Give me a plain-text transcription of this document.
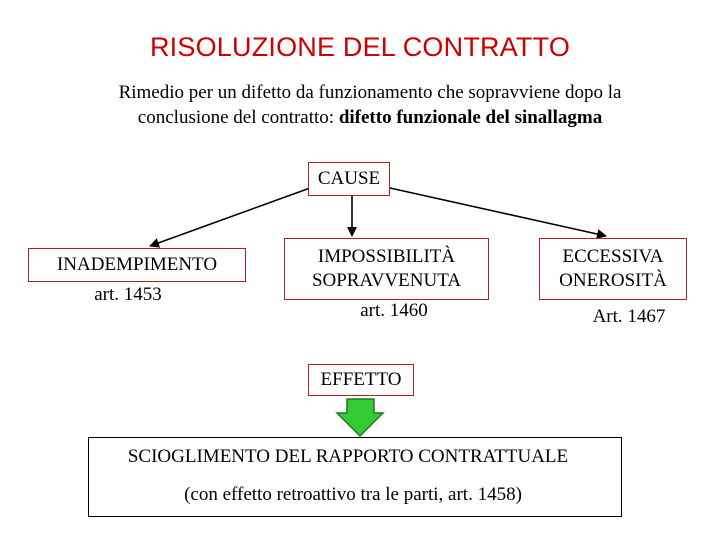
RISOLUZIONE DEL CONTRATTO
Rimedio per un difetto da funzionamento che sopravviene dopo la
conclusione del contratto: difetto funzionale del sinallagma
CAUSE
INADEMPIMENTO
art. 1453
IMPOSSIBILITÀ
SOPRAVVENUTA
art. 1460
ECCESSIVA
ONEROSITÀ
Art. 1467
EFFETTO
SCIOGLIMENTO DEL RAPPORTO CONTRATTUALE
(con effetto retroattivo tra le parti, art. 1458)
